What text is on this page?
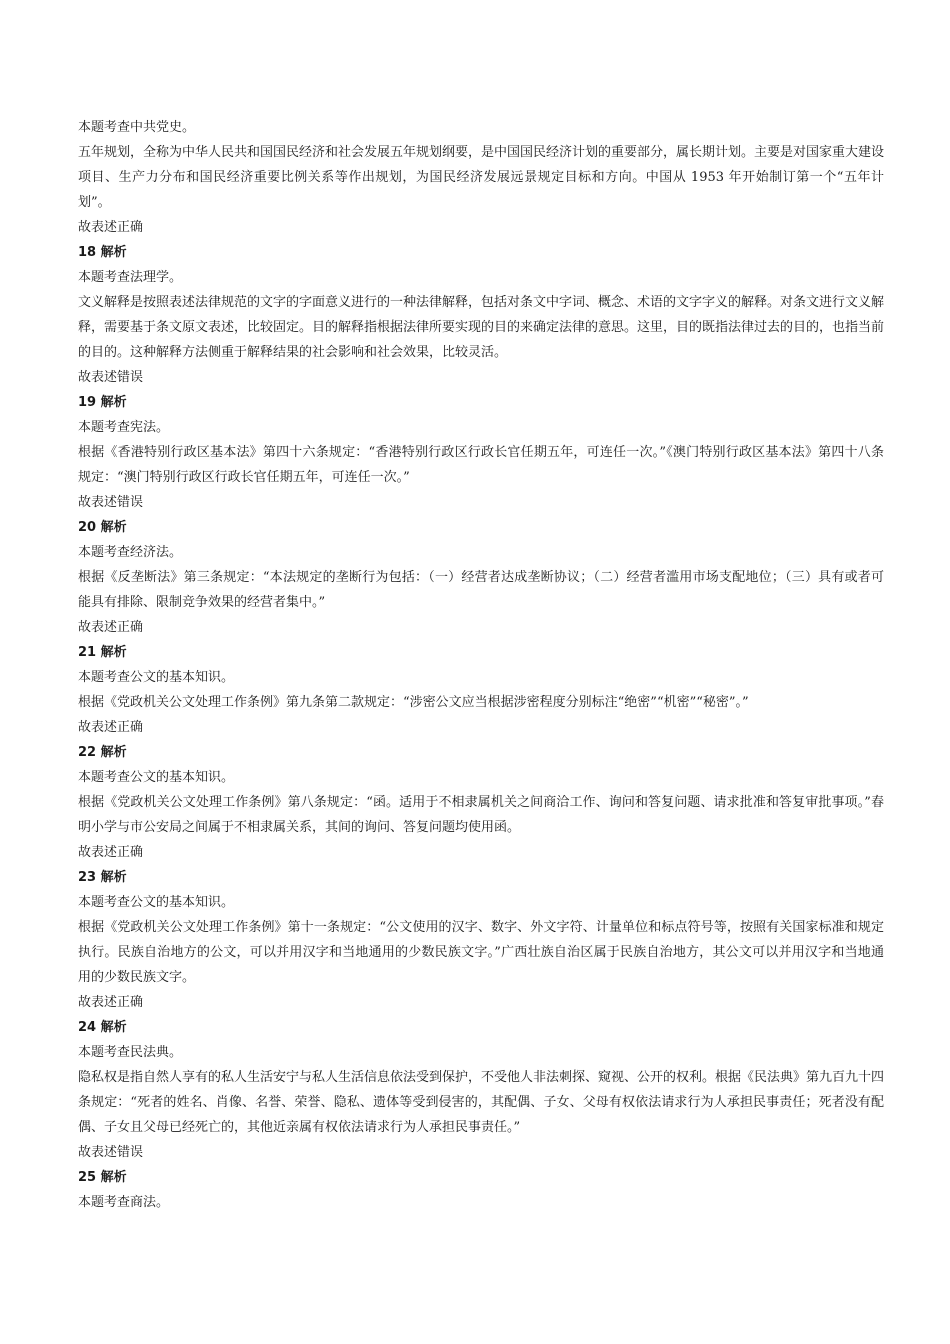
本题考查中共党史。

五年规划，全称为中华人民共和国国民经济和社会发展五年规划纲要，是中国国民经济计划的重要部分，属长期计划。主要是对国家重大建设项目、生产力分布和国民经济重要比例关系等作出规划，为国民经济发展远景规定目标和方向。中国从 1953 年开始制订第一个“五年计划”。

故表述正确

18 解析

本题考查法理学。

文义解释是按照表述法律规范的文字的字面意义进行的一种法律解释，包括对条文中字词、概念、术语的文字字义的解释。对条文进行文义解释，需要基于条文原文表述，比较固定。目的解释指根据法律所要实现的目的来确定法律的意思。这里，目的既指法律过去的目的，也指当前的目的。这种解释方法侧重于解释结果的社会影响和社会效果，比较灵活。

故表述错误

19 解析

本题考查宪法。

根据《香港特别行政区基本法》第四十六条规定：“香港特别行政区行政长官任期五年，可连任一次。”《澳门特别行政区基本法》第四十八条规定：“澳门特别行政区行政长官任期五年，可连任一次。”

故表述错误

20 解析

本题考查经济法。

根据《反垄断法》第三条规定：“本法规定的垄断行为包括：（一）经营者达成垄断协议；（二）经营者滥用市场支配地位；（三）具有或者可能具有排除、限制竞争效果的经营者集中。”

故表述正确

21 解析

本题考查公文的基本知识。

根据《党政机关公文处理工作条例》第九条第二款规定：“涉密公文应当根据涉密程度分别标注“绝密”“机密”“秘密”。”

故表述正确

22 解析

本题考查公文的基本知识。

根据《党政机关公文处理工作条例》第八条规定：“函。适用于不相隶属机关之间商洽工作、询问和答复问题、请求批准和答复审批事项。”春明小学与市公安局之间属于不相隶属关系，其间的询问、答复问题均使用函。

故表述正确

23 解析

本题考查公文的基本知识。

根据《党政机关公文处理工作条例》第十一条规定：“公文使用的汉字、数字、外文字符、计量单位和标点符号等，按照有关国家标准和规定执行。民族自治地方的公文，可以并用汉字和当地通用的少数民族文字。”广西壮族自治区属于民族自治地方，其公文可以并用汉字和当地通用的少数民族文字。

故表述正确

24 解析

本题考查民法典。

隐私权是指自然人享有的私人生活安宁与私人生活信息依法受到保护，不受他人非法刺探、窥视、公开的权利。根据《民法典》第九百九十四条规定：“死者的姓名、肖像、名誉、荣誉、隐私、遗体等受到侵害的，其配偶、子女、父母有权依法请求行为人承担民事责任；死者没有配偶、子女且父母已经死亡的，其他近亲属有权依法请求行为人承担民事责任。”

故表述错误

25 解析

本题考查商法。
